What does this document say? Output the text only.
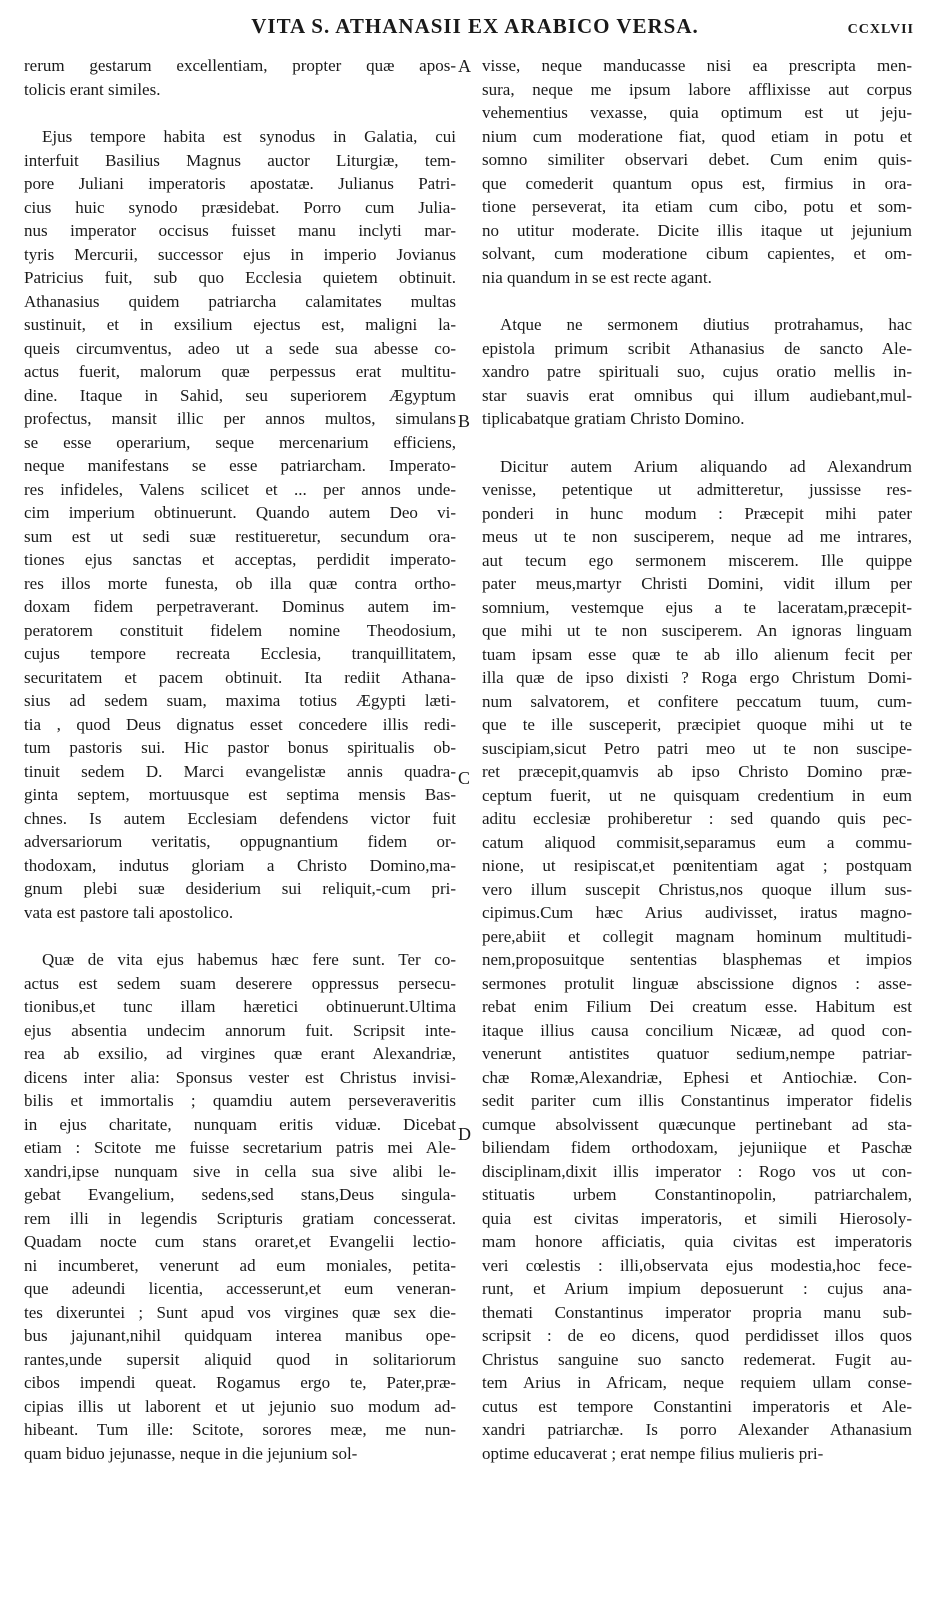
VITA S. ATHANASII EX ARABICO VERSA.	CCXLVII
rerum gestarum excellentiam, propter quæ apos-
tolicis erant similes.
Ejus tempore habita est synodus in Galatia, cui
interfuit Basilius Magnus auctor Liturgiæ, tem-
pore Juliani imperatoris apostatæ. Julianus Patri-
cius huic synodo præsidebat. Porro cum Julia-
nus imperator occisus fuisset manu inclyti mar-
tyris Mercurii, successor ejus in imperio Jovianus
Patricius fuit, sub quo Ecclesia quietem obtinuit.
Athanasius quidem patriarcha calamitates multas
sustinuit, et in exsilium ejectus est, maligni la-
queis circumventus, adeo ut a sede sua abesse co-
actus fuerit, malorum quæ perpessus erat multitu-
dine. Itaque in Sahid, seu superiorem Ægyptum
profectus, mansit illic per annos multos, simulans
se esse operarium, seque mercenarium efficiens,
neque manifestans se esse patriarcham. Imperato-
res infideles, Valens scilicet et ... per annos unde-
cim imperium obtinuerunt. Quando autem Deo vi-
sum est ut sedi suæ restitueretur, secundum ora-
tiones ejus sanctas et acceptas, perdidit imperato-
res illos morte funesta, ob illa quæ contra ortho-
doxam fidem perpetraverant. Dominus autem im-
peratorem constituit fidelem nomine Theodosium,
cujus tempore recreata Ecclesia, tranquillitatem,
securitatem et pacem obtinuit. Ita rediit Athana-
sius ad sedem suam, maxima totius Ægypti læti-
tia , quod Deus dignatus esset concedere illis redi-
tum pastoris sui. Hic pastor bonus spiritualis ob-
tinuit sedem D. Marci evangelistæ annis quadra-
ginta septem, mortuusque est septima mensis Bas-
chnes. Is autem Ecclesiam defendens victor fuit
adversariorum veritatis, oppugnantium fidem or-
thodoxam, indutus gloriam a Christo Domino,ma-
gnum plebi suæ desiderium sui reliquit,-cum pri-
vata est pastore tali apostolico.
Quæ de vita ejus habemus hæc fere sunt. Ter co-
actus est sedem suam deserere oppressus persecu-
tionibus,et tunc illam hæretici obtinuerunt.Ultima
ejus absentia undecim annorum fuit. Scripsit inte-
rea ab exsilio, ad virgines quæ erant Alexandriæ,
dicens inter alia: Sponsus vester est Christus invisi-
bilis et immortalis ; quamdiu autem perseveraveritis
in ejus charitate, nunquam eritis viduæ. Dicebat
etiam : Scitote me fuisse secretarium patris mei Ale-
xandri,ipse nunquam sive in cella sua sive alibi le-
gebat Evangelium, sedens,sed stans,Deus singula-
rem illi in legendis Scripturis gratiam concesserat.
Quadam nocte cum stans oraret,et Evangelii lectio-
ni incumberet, venerunt ad eum moniales, petita-
que adeundi licentia, accesserunt,et eum veneran-
tes dixeruntei ; Sunt apud vos virgines quæ sex die-
bus jajunant,nihil quidquam interea manibus ope-
rantes,unde supersit aliquid quod in solitariorum
cibos impendi queat. Rogamus ergo te, Pater,præ-
cipias illis ut laborent et ut jejunio suo modum ad-
hibeant. Tum ille: Scitote, sorores meæ, me nun-
quam biduo jejunasse, neque in die jejunium sol-
visse, neque manducasse nisi ea prescripta men-
sura, neque me ipsum labore afflixisse aut corpus
vehementius vexasse, quia optimum est ut jeju-
nium cum moderatione fiat, quod etiam in potu et
somno similiter observari debet. Cum enim quis-
que comederit quantum opus est, firmius in ora-
tione perseverat, ita etiam cum cibo, potu et som-
no utitur moderate. Dicite illis itaque ut jejunium
solvant, cum moderatione cibum capientes, et om-
nia quandum in se est recte agant.
Atque ne sermonem diutius protrahamus, hac
epistola primum scribit Athanasius de sancto Ale-
xandro patre spirituali suo, cujus oratio mellis in-
star suavis erat omnibus qui illum audiebant,mul-
tiplicabatque gratiam Christo Domino.
Dicitur autem Arium aliquando ad Alexandrum
venisse, petentique ut admitteretur, jussisse res-
ponderi in hunc modum : Præcepit mihi pater
meus ut te non susciperem, neque ad me intrares,
aut tecum ego sermonem miscerem. Ille quippe
pater meus,martyr Christi Domini, vidit illum per
somnium, vestemque ejus a te laceratam,præcepit-
que mihi ut te non susciperem. An ignoras linguam
tuam ipsam esse quæ te ab illo alienum fecit per
illa quæ de ipso dixisti ? Roga ergo Christum Domi-
num salvatorem, et confitere peccatum tuum, cum-
que te ille susceperit, præcipiet quoque mihi ut te
suscipiam,sicut Petro patri meo ut te non suscipe-
ret præcepit,quamvis ab ipso Christo Domino præ-
ceptum fuerit, ut ne quisquam credentium in eum
aditu ecclesiæ prohiberetur : sed quando quis pec-
catum aliquod commisit,separamus eum a commu-
nione, ut resipiscat,et pœnitentiam agat ; postquam
vero illum suscepit Christus,nos quoque illum sus-
cipimus.Cum hæc Arius audivisset, iratus magno-
pere,abiit et collegit magnam hominum multitudi-
nem,proposuitque sententias blasphemas et impios
sermones protulit linguæ abscissione dignos : asse-
rebat enim Filium Dei creatum esse. Habitum est
itaque illius causa concilium Nicææ, ad quod con-
venerunt antistites quatuor sedium,nempe patriar-
chæ Romæ,Alexandriæ, Ephesi et Antiochiæ. Con-
sedit pariter cum illis Constantinus imperator fidelis
cumque absolvissent quæcunque pertinebant ad sta-
biliendam fidem orthodoxam, jejuniique et Paschæ
disciplinam,dixit illis imperator : Rogo vos ut con-
stituatis urbem Constantinopolin, patriarchalem,
quia est civitas imperatoris, et simili Hierosoly-
mam honore afficiatis, quia civitas est imperatoris
veri cœlestis : illi,observata ejus modestia,hoc fece-
runt, et Arium impium deposuerunt : cujus ana-
themati Constantinus imperator propria manu sub-
scripsit : de eo dicens, quod perdidisset illos quos
Christus sanguine suo sancto redemerat. Fugit au-
tem Arius in Africam, neque requiem ullam conse-
cutus est tempore Constantini imperatoris et Ale-
xandri patriarchæ. Is porro Alexander Athanasium
optime educaverat ; erat nempe filius mulieris pri-
A
B
C
D
